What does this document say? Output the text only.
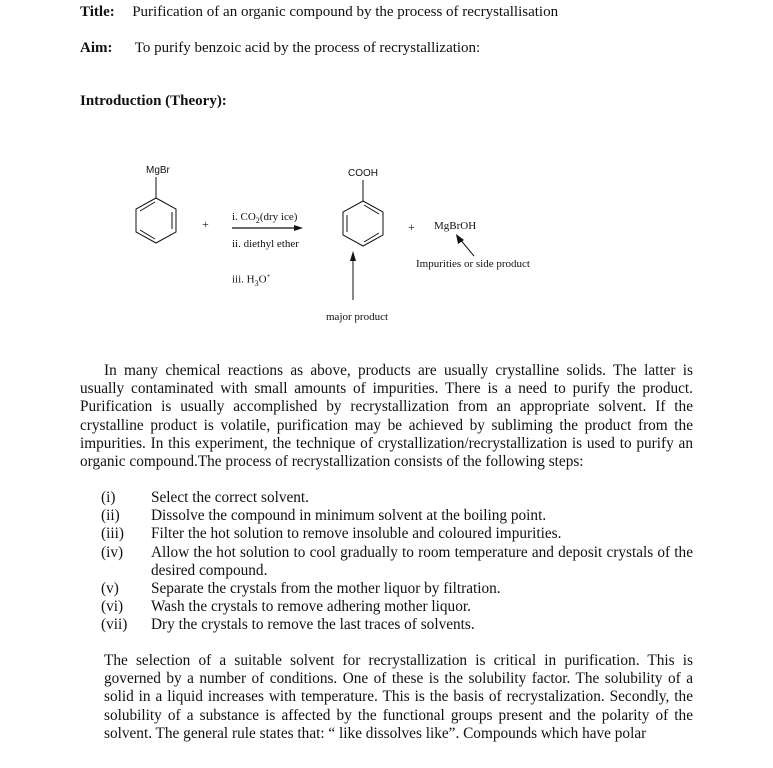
Title: Purification of an organic compound by the process of recrystallisation
Aim: To purify benzoic acid by the process of recrystallization:
Introduction (Theory):
MgBr
+ i. $CO_2(dry$ ice)
ii. diethyl ether
iii. $H_3O^+$
COOH
+ MgBrOH
Impurities or side product
major product
In many chemical reactions as above, products are usually crystalline solids. The latter is usually contaminated with small amounts of impurities. There is a need to purify the product. Purification is usually accomplished by recrystallization from an appropriate solvent. If the crystalline product is volatile, purification may be achieved by subliming the product from the impurities. In this experiment, the technique of crystallization/recrystallization is used to purify an organic compound.The process of recrystallization consists of the following steps:
(i)	Select the correct solvent.
(ii)	Dissolve the compound in minimum solvent at the boiling point.
(iii)	Filter the hot solution to remove insoluble and coloured impurities.
(iv)	Allow the hot solution to cool gradually to room temperature and deposit crystals of the desired compound.
(v)	Separate the crystals from the mother liquor by filtration.
(vi)	Wash the crystals to remove adhering mother liquor.
(vii)	Dry the crystals to remove the last traces of solvents.
The selection of a suitable solvent for recrystallization is critical in purification. This is governed by a number of conditions. One of these is the solubility factor. The solubility of a solid in a liquid increases with temperature. This is the basis of recrystalization. Secondly, the solubility of a substance is affected by the functional groups present and the polarity of the solvent. The general rule states that: “ like dissolves like”. Compounds which have polar
